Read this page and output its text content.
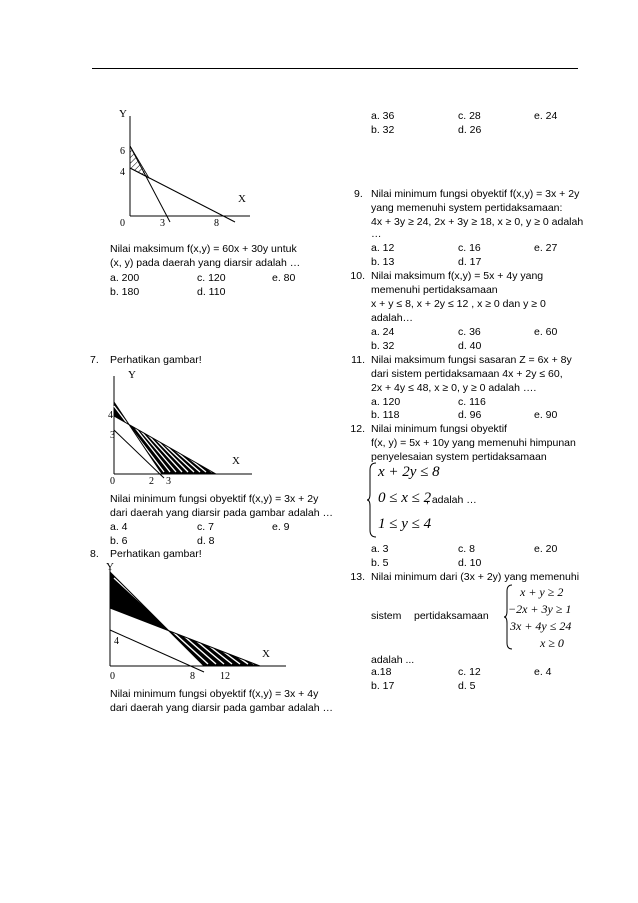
Y
X
6
4
0	3	8
Nilai maksimum f(x,y) = 60x + 30y untuk
(x, y) pada daerah yang diarsir adalah …
a. 200	c. 120	e. 80
b. 180	d. 110
7. Perhatikan gambar!
Y
X
4
3
0	2 3
Nilai minimum fungsi obyektif f(x,y) = 3x + 2y
dari daerah yang diarsir pada gambar adalah …
a. 4	c. 7	e. 9
b. 6	d. 8
8. Perhatikan gambar!
Y
X
8
4
0	8	12
Nilai minimum fungsi obyektif f(x,y) = 3x + 4y
dari daerah yang diarsir pada gambar adalah …
a. 36	c. 28	e. 24
b. 32	d. 26
9. Nilai minimum fungsi obyektif f(x,y) = 3x + 2y
yang memenuhi system pertidaksamaan:
4x + 3y ≥ 24, 2x + 3y ≥ 18, x ≥ 0, y ≥ 0 adalah
…
a. 12	c. 16	e. 27
b. 13	d. 17
10. Nilai maksimum f(x,y) = 5x + 4y yang
memenuhi pertidaksamaan
x + y ≤ 8, x + 2y ≤ 12 , x ≥ 0 dan y ≥ 0
adalah…
a. 24	c. 36	e. 60
b. 32	d. 40
11. Nilai maksimum fungsi sasaran Z = 6x + 8y
dari sistem pertidaksamaan 4x + 2y ≤ 60,
2x + 4y ≤ 48, x ≥ 0, y ≥ 0 adalah ….
a. 120	c. 116
b. 118	d. 96	e. 90
12. Nilai minimum fungsi obyektif
f(x, y) = 5x + 10y yang memenuhi himpunan
penyelesaian system pertidaksamaan
x + 2y ≤ 8
0 ≤ x ≤ 2
1 ≤ y ≤ 4
, adalah …
a. 3	c. 8	e. 20
b. 5	d. 10
13. Nilai minimum dari (3x + 2y) yang memenuhi
sistem pertidaksamaan
x + y ≥ 2
−2x + 3y ≥ 1
3x + 4y ≤ 24
x ≥ 0
adalah ...
a.18	c. 12	e. 4
b. 17	d. 5
